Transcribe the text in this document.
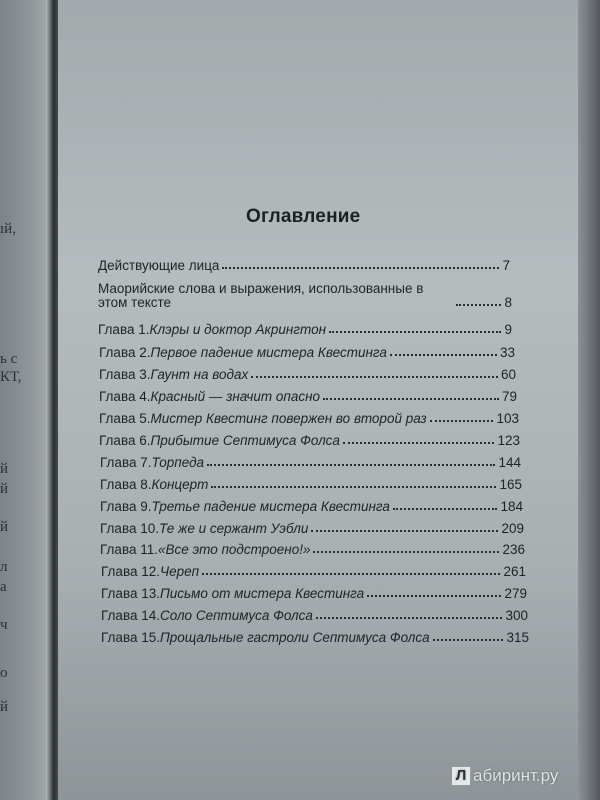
ıй,
ь с
КТ,
й
й
й
л
а
ч
о
й
Оглавление
Действующие лица	7
Маорийские слова и выражения, использованные в этом тексте	8
Глава 1. Клэры и доктор Акрингтон	9
Глава 2. Первое падение мистера Квестинга	33
Глава 3. Гаунт на водах	60
Глава 4. Красный — значит опасно	79
Глава 5. Мистер Квестинг повержен во второй раз	103
Глава 6. Прибытие Септимуса Фолса	123
Глава 7. Торпеда	144
Глава 8. Концерт	165
Глава 9. Третье падение мистера Квестинга	184
Глава 10. Те же и сержант Уэбли	209
Глава 11. «Все это подстроено!»	236
Глава 12. Череп	261
Глава 13. Письмо от мистера Квестинга	279
Глава 14. Соло Септимуса Фолса	300
Глава 15. Прощальные гастроли Септимуса Фолса	315
Л абиринт.ру
